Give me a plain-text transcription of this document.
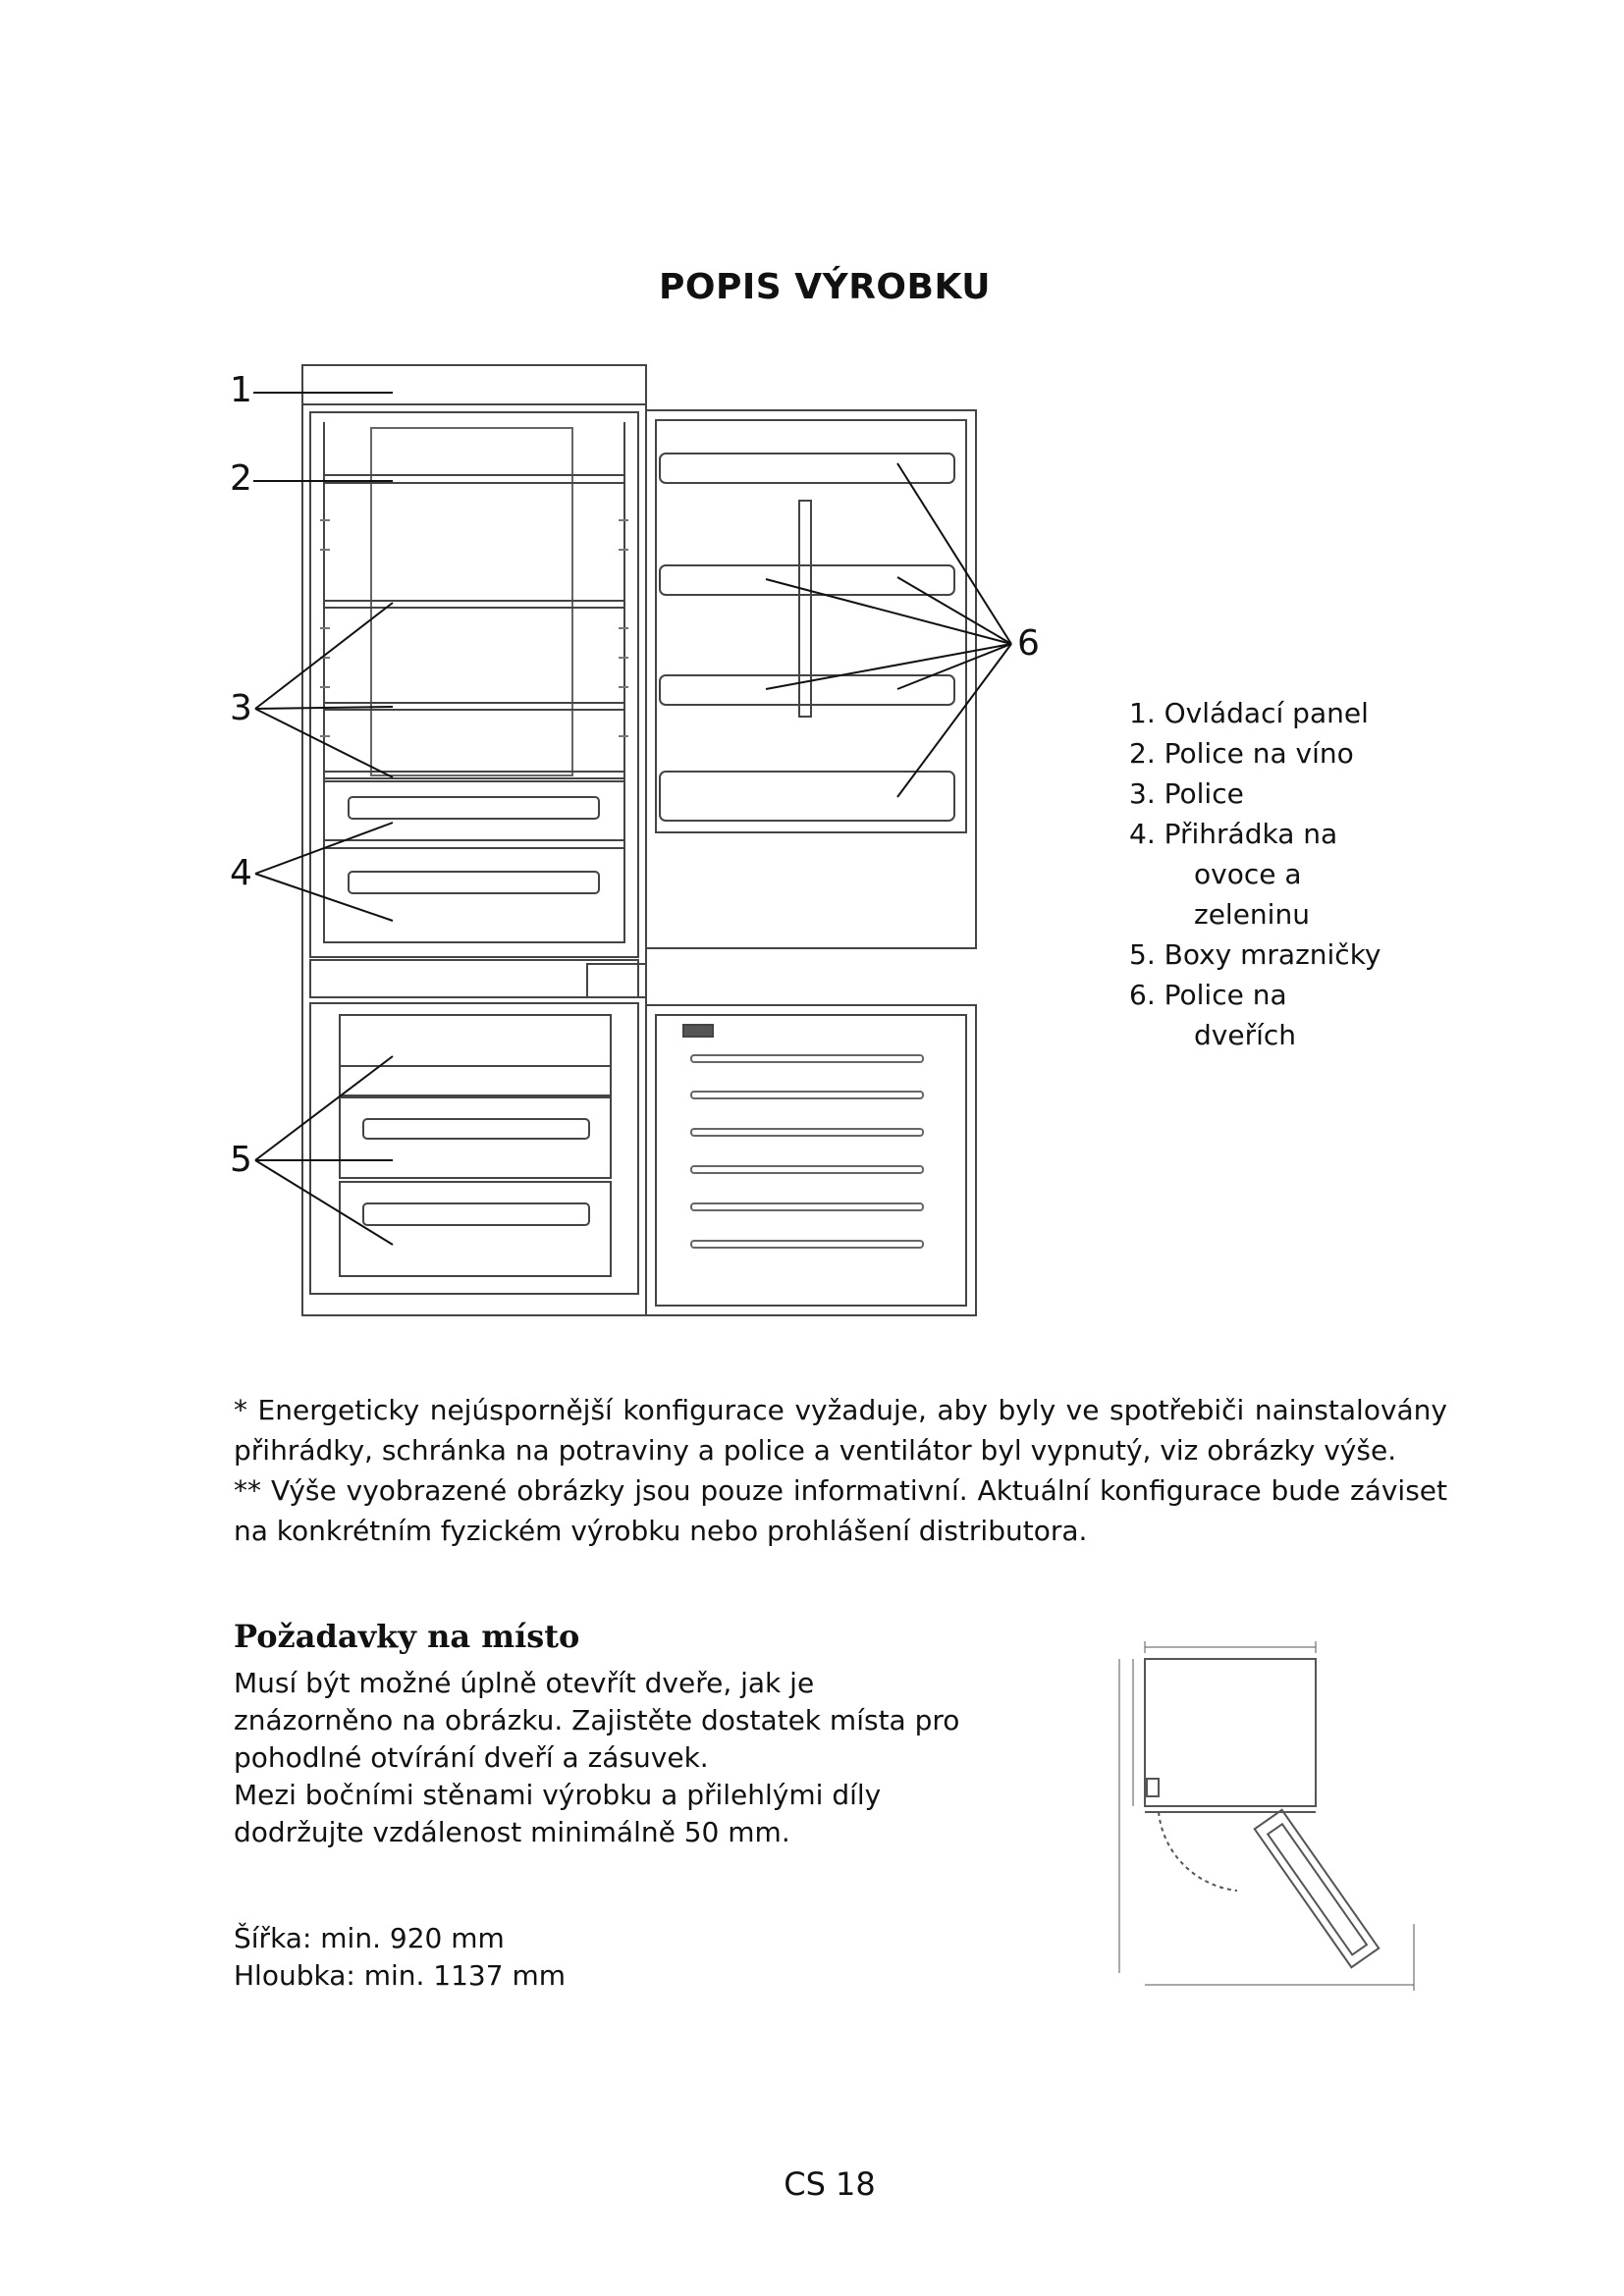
POPIS VÝROBKU
1
2
3
4
5
6
1. Ovládací panel
2. Police na víno
3. Police
4. Přihrádka na
ovoce a
zeleninu
5. Boxy mrazničky
6. Police na
dveřích

* Energeticky nejúspornější konfigurace vyžaduje, aby byly ve spotřebiči nainstalovány přihrádky, schránka na potraviny a police a ventilátor byl vypnutý, viz obrázky výše.

** Výše vyobrazené obrázky jsou pouze informativní. Aktuální konfigurace bude záviset na konkrétním fyzickém výrobku nebo prohlášení distributora.

Požadavky na místo

Musí být možné úplně otevřít dveře, jak je znázorněno na obrázku. Zajistěte dostatek místa pro pohodlné otvírání dveří a zásuvek.

Mezi bočními stěnami výrobku a přilehlými díly dodržujte vzdálenost minimálně 50 mm.

Šířka: min. 920 mm
Hloubka: min. 1137 mm
CS 18
